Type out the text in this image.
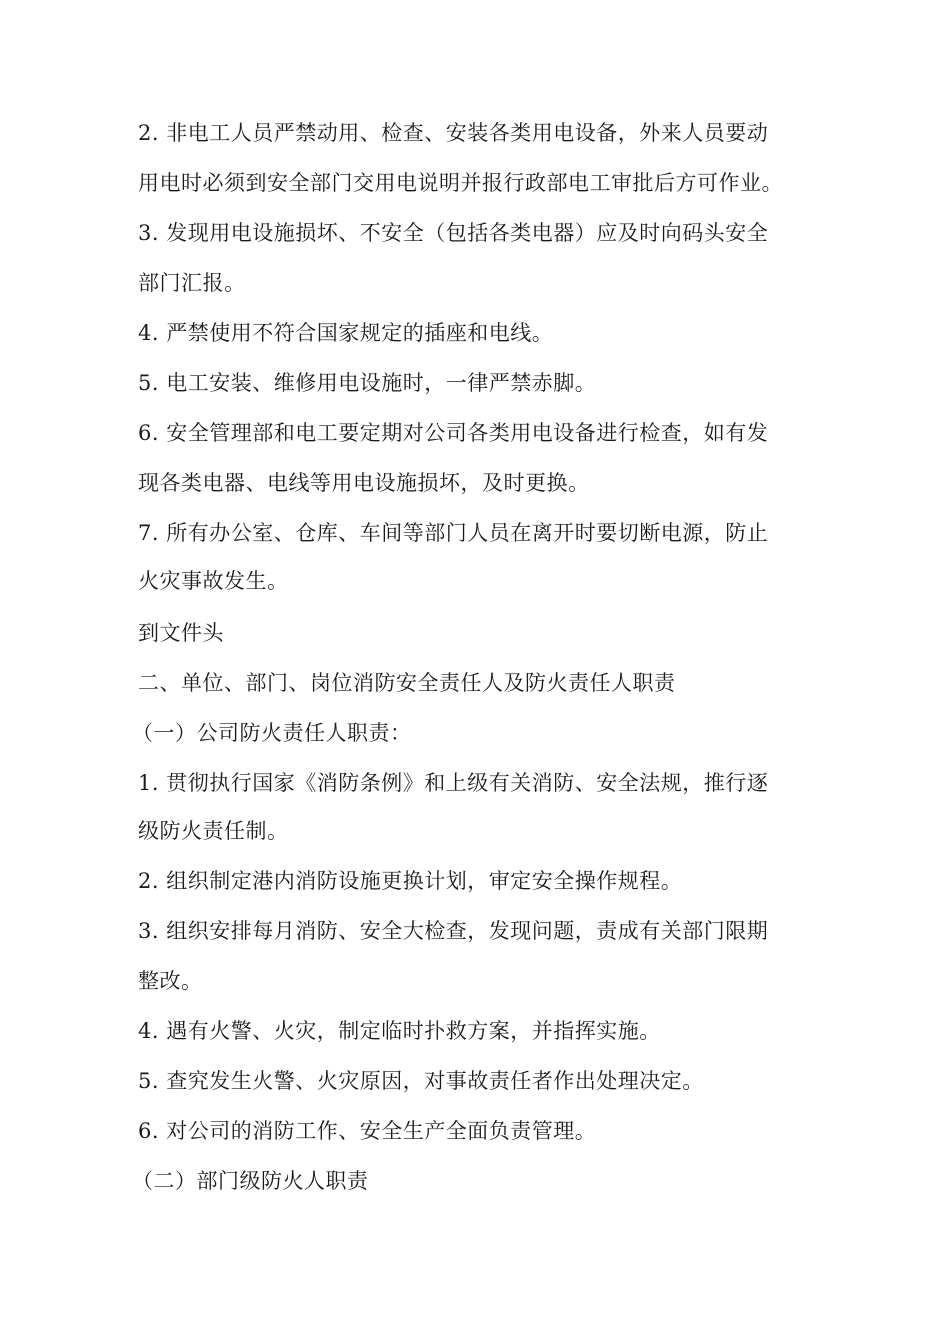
2. 非电工人员严禁动用、检查、安装各类用电设备，外来人员要动
用电时必须到安全部门交用电说明并报行政部电工审批后方可作业。
3. 发现用电设施损坏、不安全（包括各类电器）应及时向码头安全
部门汇报。
4. 严禁使用不符合国家规定的插座和电线。
5. 电工安装、维修用电设施时，一律严禁赤脚。
6. 安全管理部和电工要定期对公司各类用电设备进行检查，如有发
现各类电器、电线等用电设施损坏，及时更换。
7. 所有办公室、仓库、车间等部门人员在离开时要切断电源，防止
火灾事故发生。
到文件头
二、单位、部门、岗位消防安全责任人及防火责任人职责
（一）公司防火责任人职责：
1. 贯彻执行国家《消防条例》和上级有关消防、安全法规，推行逐
级防火责任制。
2. 组织制定港内消防设施更换计划，审定安全操作规程。
3. 组织安排每月消防、安全大检查，发现问题，责成有关部门限期
整改。
4. 遇有火警、火灾，制定临时扑救方案，并指挥实施。
5. 查究发生火警、火灾原因，对事故责任者作出处理决定。
6. 对公司的消防工作、安全生产全面负责管理。
（二）部门级防火人职责
